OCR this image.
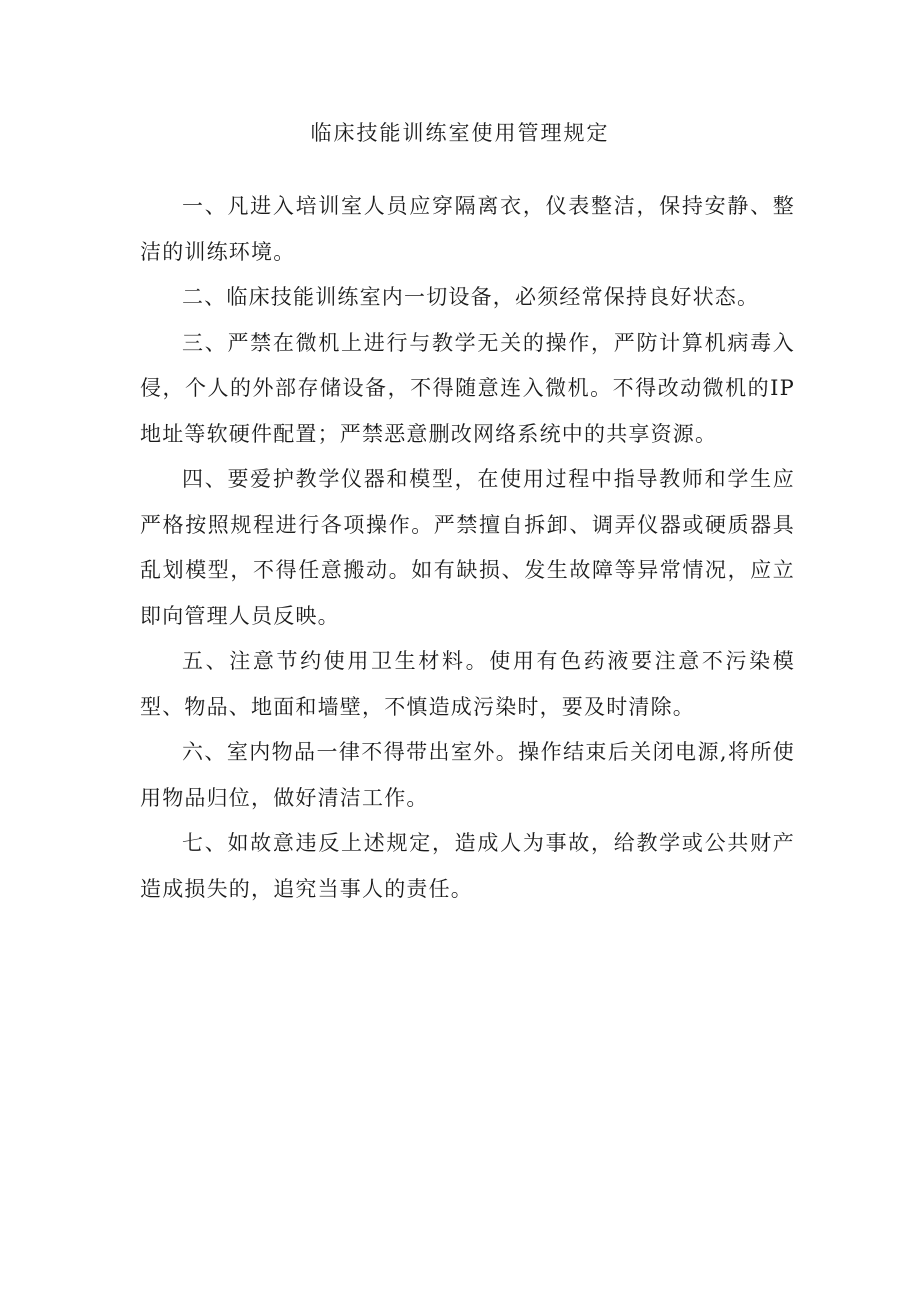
临床技能训练室使用管理规定

一、凡进入培训室人员应穿隔离衣，仪表整洁，保持安静、整洁的训练环境。

二、临床技能训练室内一切设备，必须经常保持良好状态。

三、严禁在微机上进行与教学无关的操作，严防计算机病毒入侵，个人的外部存储设备，不得随意连入微机。不得改动微机的IP地址等软硬件配置；严禁恶意删改网络系统中的共享资源。

四、要爱护教学仪器和模型，在使用过程中指导教师和学生应严格按照规程进行各项操作。严禁擅自拆卸、调弄仪器或硬质器具乱划模型，不得任意搬动。如有缺损、发生故障等异常情况，应立即向管理人员反映。

五、注意节约使用卫生材料。使用有色药液要注意不污染模型、物品、地面和墙壁，不慎造成污染时，要及时清除。

六、室内物品一律不得带出室外。操作结束后关闭电源,将所使用物品归位，做好清洁工作。

七、如故意违反上述规定，造成人为事故，给教学或公共财产造成损失的，追究当事人的责任。
